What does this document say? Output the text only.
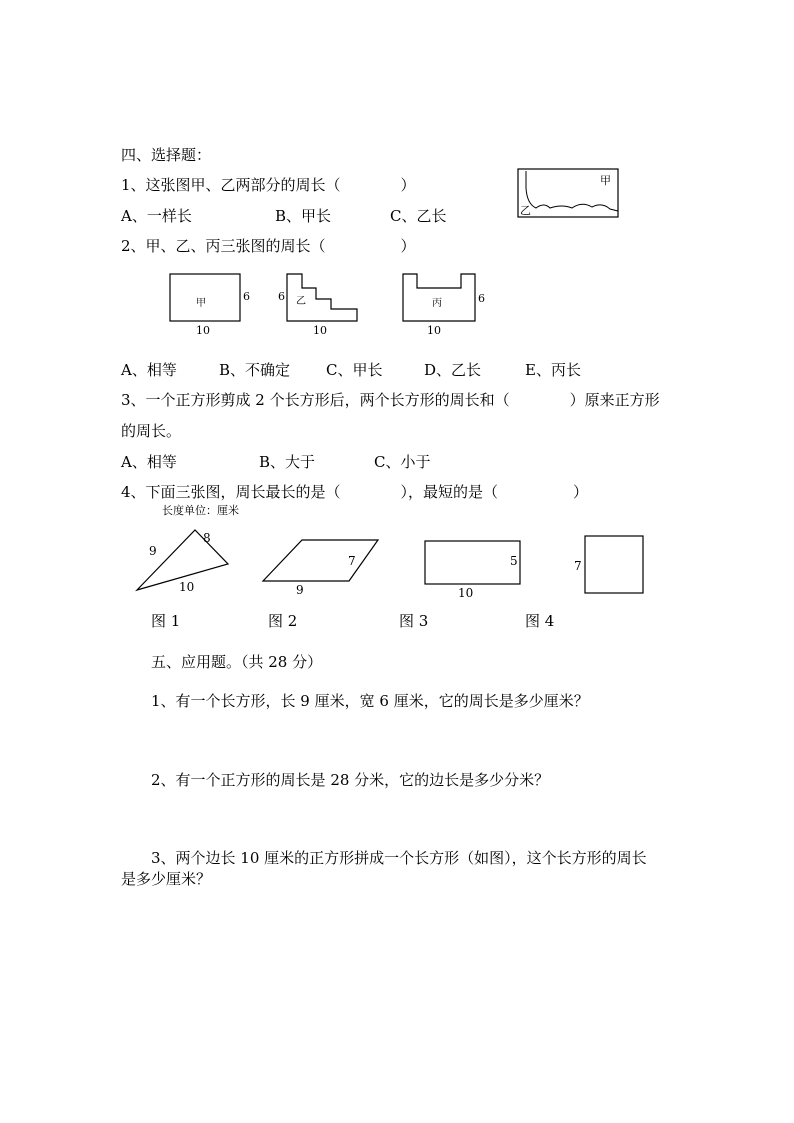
四、选择题：
1、这张图甲、乙两部分的周长（　　　　）
A、一样长	B、甲长	C、乙长
甲
乙
2、甲、乙、丙三张图的周长（　　　　　）
甲
6
10
乙
6
10
丙	6
10
A、相等	B、不确定 C、甲长	D、乙长	E、丙长
3、一个正方形剪成 2 个长方形后，两个长方形的周长和（　　　　）原来正方形
的周长。
A、相等	B、大于	C、小于
4、下面三张图，周长最长的是（　　　　），最短的是（　　　　　）
长度单位：厘米
9
8
10
7
9
5
10
7
图 1	图 2	图 3	图 4
五、应用题。（共 28 分）
1、有一个长方形，长 9 厘米，宽 6 厘米，它的周长是多少厘米？
2、有一个正方形的周长是 28 分米，它的边长是多少分米？
3、两个边长 10 厘米的正方形拼成一个长方形（如图），这个长方形的周长
是多少厘米？
